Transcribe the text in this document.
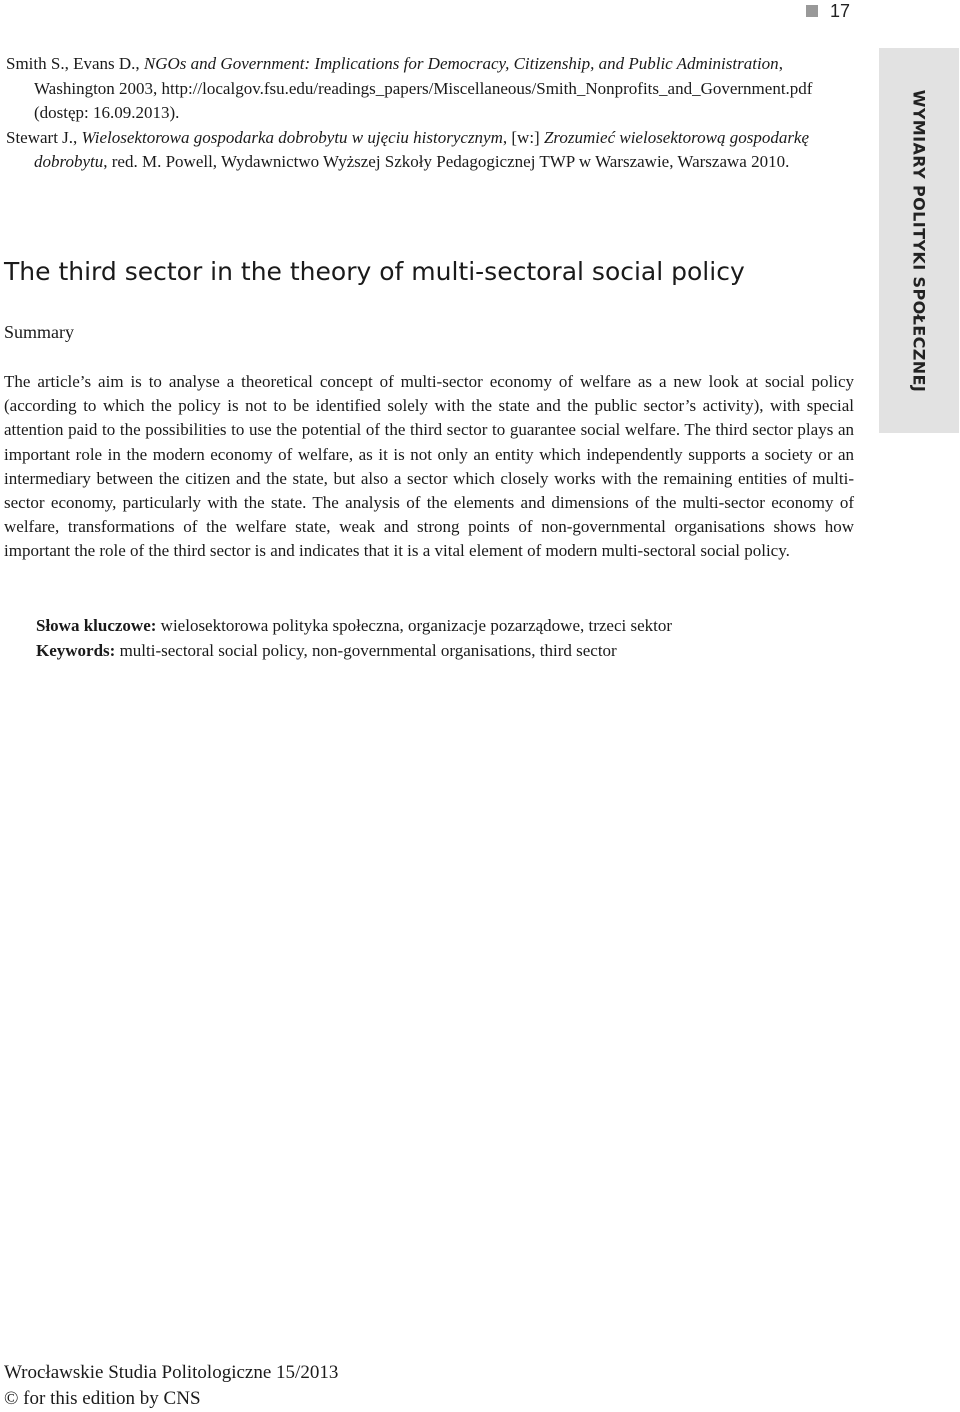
17

Smith S., Evans D., NGOs and Government: Implications for Democracy, Citizenship, and Public Administration, Washington 2003, http://localgov.fsu.edu/readings_papers/Miscellaneous/Smith_Nonprofits_and_Government.pdf (dostęp: 16.09.2013).

Stewart J., Wielosektorowa gospodarka dobrobytu w ujęciu historycznym, [w:] Zrozumieć wielosektorową gospodarkę dobrobytu, red. M. Powell, Wydawnictwo Wyższej Szkoły Pedagogicznej TWP w Warszawie, Warszawa 2010.	WYMIARY POLITYKI SPOŁECZNEJ
The third sector in the theory of multi-sectoral social policy
Summary

The article’s aim is to analyse a theoretical concept of multi-sector economy of welfare as a new look at social policy (according to which the policy is not to be identified solely with the state and the public sector’s activity), with special attention paid to the possibilities to use the potential of the third sector to guarantee social welfare. The third sector plays an important role in the modern economy of welfare, as it is not only an entity which independently supports a society or an intermediary between the citizen and the state, but also a sector which closely works with the remaining entities of multi-sector economy, particularly with the state. The analysis of the elements and dimensions of the multi-sector economy of welfare, transformations of the welfare state, weak and strong points of non-governmental organisations shows how important the role of the third sector is and indicates that it is a vital element of modern multi-sectoral social policy.

Słowa kluczowe: wielosektorowa polityka społeczna, organizacje pozarządowe, trzeci sektor

Keywords: multi-sectoral social policy, non-governmental organisations, third sector

Wrocławskie Studia Politologiczne 15/2013

© for this edition by CNS
